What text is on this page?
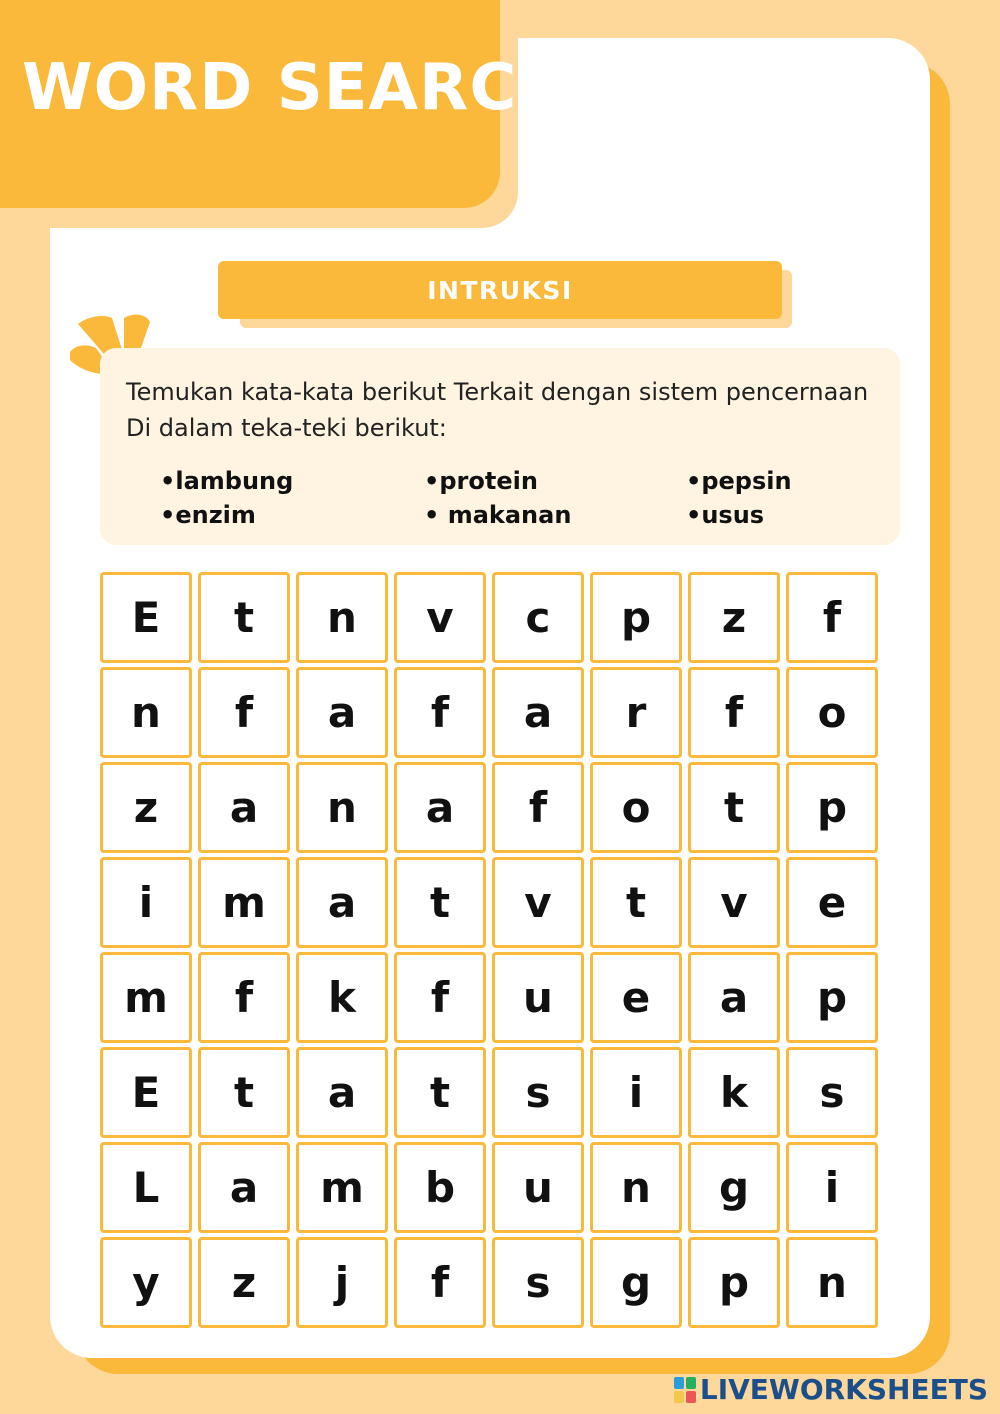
WORD SEARCH
INTRUKSI

Temukan kata-kata berikut Terkait dengan sistem pencernaan
Di dalam teka-teki berikut:

•lambung	•protein	•pepsin
•enzim	• makanan	•usus
E	t	n	v	c	p	z	f
n	f	a	f	a	r	f	o
z	a	n	a	f	o	t	p
i	m	a	t	v	t	v	e
m	f	k	f	u	e	a	p
E	t	a	t	s	i	k	s
L	a	m	b	u	n	g	i
y	z	j	f	s	g	p	n
LIVEWORKSHEETS
